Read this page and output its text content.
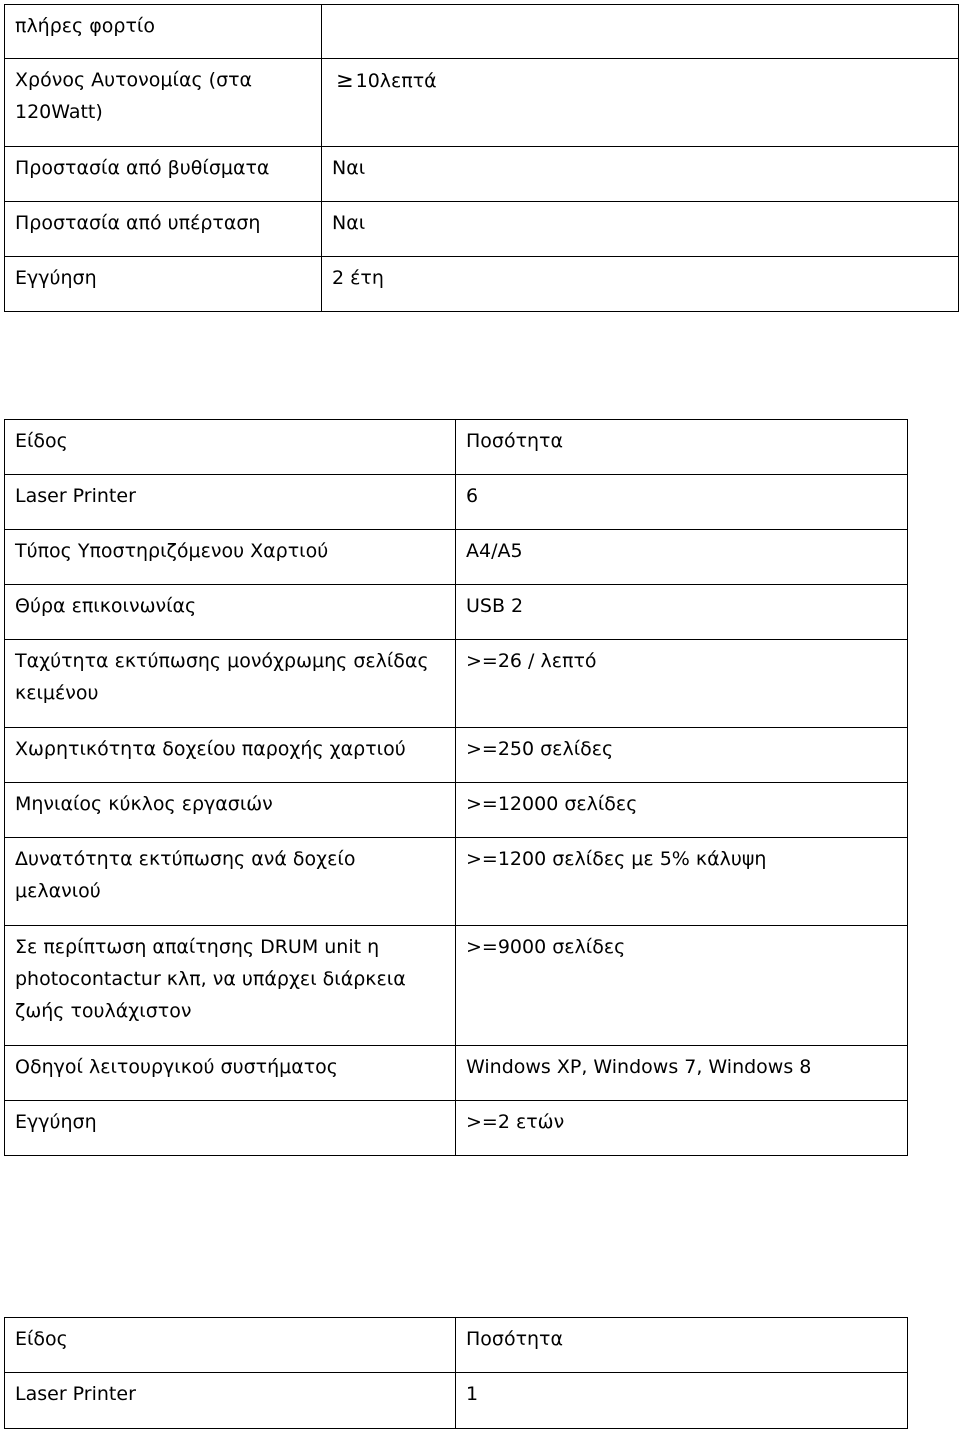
πλήρες φορτίο	
Χρόνος Αυτονομίας (στα 120Watt)	≥ 10λεπτά
Προστασία από βυθίσματα	Ναι
Προστασία από υπέρταση	Ναι
Εγγύηση	2 έτη
Είδος	Ποσότητα
Laser Printer	6
Τύπος Υποστηριζόμενου Χαρτιού	A4/A5
Θύρα επικοινωνίας	USB 2
Ταχύτητα εκτύπωσης μονόχρωμης σελίδας κειμένου	>=26 / λεπτό
Χωρητικότητα δοχείου παροχής χαρτιού	>=250 σελίδες
Μηνιαίος κύκλος εργασιών	>=12000 σελίδες
Δυνατότητα εκτύπωσης ανά δοχείο μελανιού	>=1200 σελίδες με 5% κάλυψη
Σε περίπτωση απαίτησης DRUM unit η photocontactur κλπ, να υπάρχει διάρκεια ζωής τουλάχιστον	>=9000 σελίδες
Οδηγοί λειτουργικού συστήματος	Windows XP, Windows 7, Windows 8
Εγγύηση	>=2 ετών
Είδος	Ποσότητα
Laser Printer	1
